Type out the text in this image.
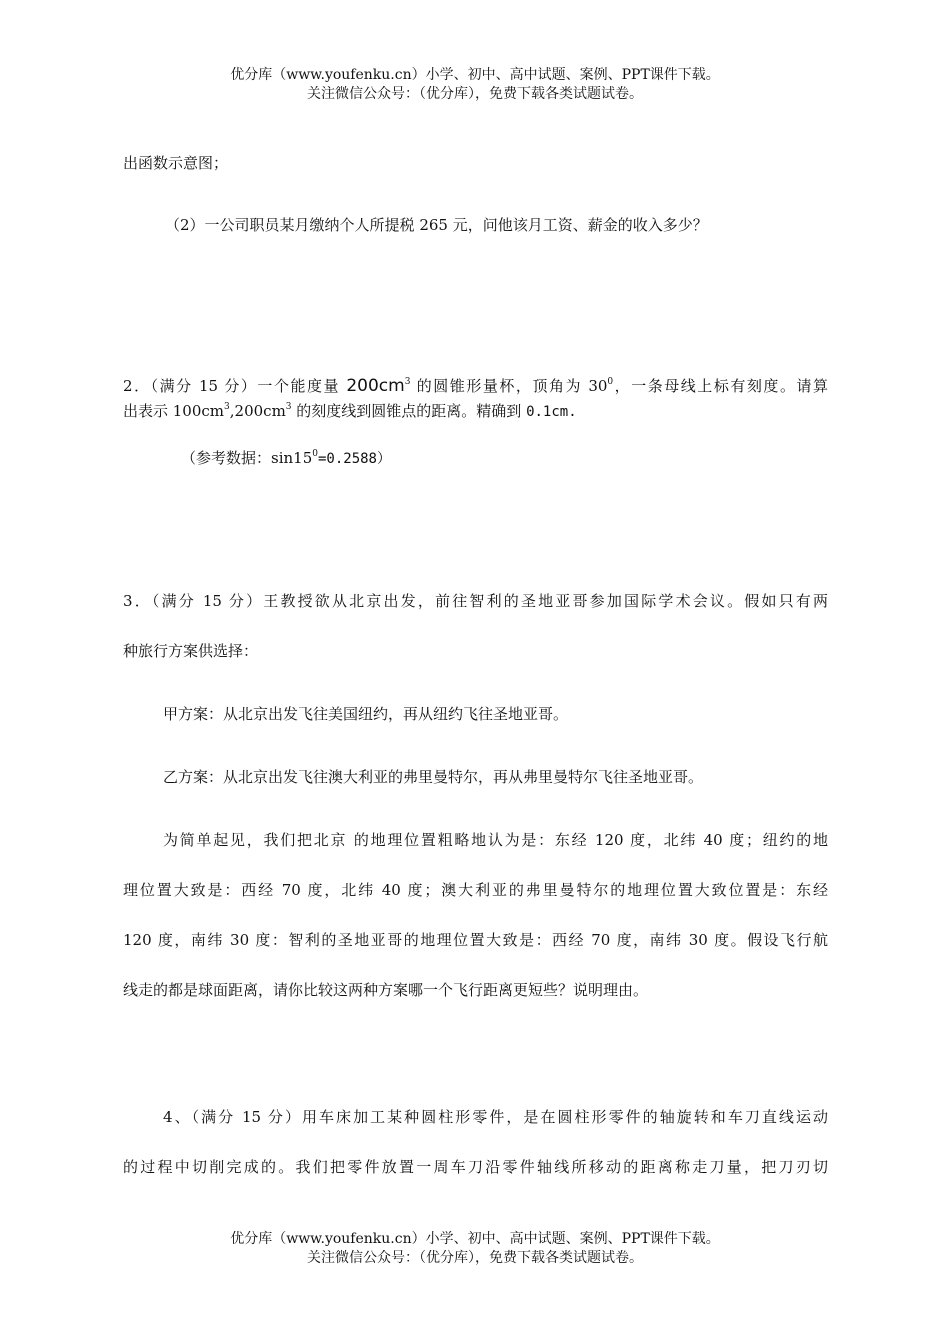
优分库（www.youfenku.cn）小学、初中、高中试题、案例、PPT课件下载。
关注微信公众号：（优分库），免费下载各类试题试卷。
出函数示意图；
（2）一公司职员某月缴纳个人所提税 265 元，问他该月工资、薪金的收入多少？
2．（满分 15 分）一个能度量 $200cm^3$ 的圆锥形量杯，顶角为 $30^0$，一条母线上标有刻度。请算
出表示 $100cm^3,200cm^3$ 的刻度线到圆锥点的距离。精确到 0.1cm.
（参考数据：$\sin 15^0=0.2588$）
3．（满分 15 分）王教授欲从北京出发，前往智利的圣地亚哥参加国际学术会议。假如只有两
种旅行方案供选择：
甲方案：从北京出发飞往美国纽约，再从纽约飞往圣地亚哥。
乙方案：从北京出发飞往澳大利亚的弗里曼特尔，再从弗里曼特尔飞往圣地亚哥。
为简单起见，我们把北京 的地理位置粗略地认为是：东经 120 度，北纬 40 度；纽约的地
理位置大致是：西经 70 度，北纬 40 度；澳大利亚的弗里曼特尔的地理位置大致位置是：东经
120 度，南纬 30 度：智利的圣地亚哥的地理位置大致是：西经 70 度，南纬 30 度。假设飞行航
线走的都是球面距离，请你比较这两种方案哪一个飞行距离更短些？说明理由。
4、（满分 15 分）用车床加工某种圆柱形零件，是在圆柱形零件的轴旋转和车刀直线运动
的过程中切削完成的。我们把零件放置一周车刀沿零件轴线所移动的距离称走刀量，把刀刃切
优分库（www.youfenku.cn）小学、初中、高中试题、案例、PPT课件下载。
关注微信公众号：（优分库），免费下载各类试题试卷。
